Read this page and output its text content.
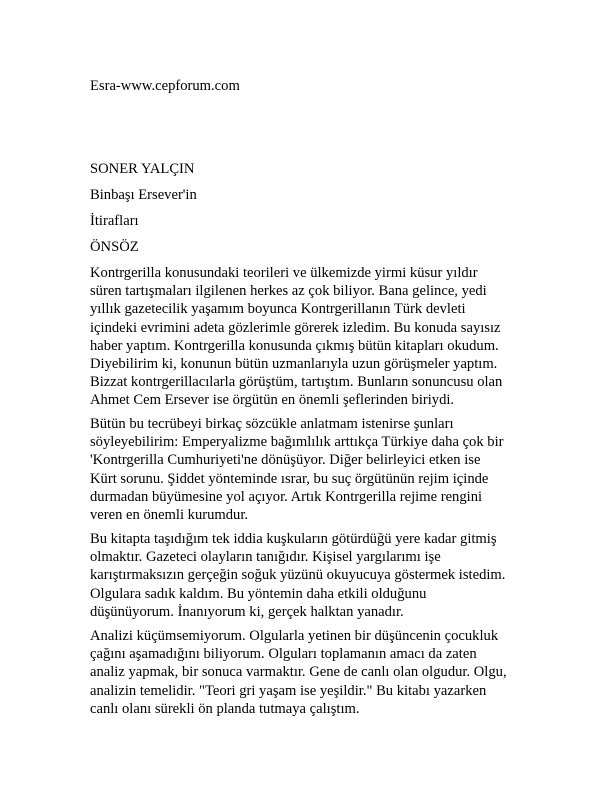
Esra-www.cepforum.com

SONER YALÇIN

Binbaşı Ersever'in

İtirafları

ÖNSÖZ

Kontrgerilla konusundaki teorileri ve ülkemizde yirmi küsur yıldır
süren tartışmaları ilgilenen herkes az çok biliyor. Bana gelince, yedi
yıllık gazetecilik yaşamım boyunca Kontrgerillanın Türk devleti
içindeki evrimini adeta gözlerimle görerek izledim. Bu konuda sayısız
haber yaptım. Kontrgerilla konusunda çıkmış bütün kitapları okudum.
Diyebilirim ki, konunun bütün uzmanlarıyla uzun görüşmeler yaptım.
Bizzat kontrgerillacılarla görüştüm, tartıştım. Bunların sonuncusu olan
Ahmet Cem Ersever ise örgütün en önemli şeflerinden biriydi.
Bütün bu tecrübeyi birkaç sözcükle anlatmam istenirse şunları
söyleyebilirim: Emperyalizme bağımlılık arttıkça Türkiye daha çok bir
'Kontrgerilla Cumhuriyeti'ne dönüşüyor. Diğer belirleyici etken ise
Kürt sorunu. Şiddet yönteminde ısrar, bu suç örgütünün rejim içinde
durmadan büyümesine yol açıyor. Artık Kontrgerilla rejime rengini
veren en önemli kurumdur.
Bu kitapta taşıdığım tek iddia kuşkuların götürdüğü yere kadar gitmiş
olmaktır. Gazeteci olayların tanığıdır. Kişisel yargılarımı işe
karıştırmaksızın gerçeğin soğuk yüzünü okuyucuya göstermek istedim.
Olgulara sadık kaldım. Bu yöntemin daha etkili olduğunu
düşünüyorum. İnanıyorum ki, gerçek halktan yanadır.
Analizi küçümsemiyorum. Olgularla yetinen bir düşüncenin çocukluk
çağını aşamadığını biliyorum. Olguları toplamanın amacı da zaten
analiz yapmak, bir sonuca varmaktır. Gene de canlı olan olgudur. Olgu,
analizin temelidir. "Teori gri yaşam ise yeşildir." Bu kitabı yazarken
canlı olanı sürekli ön planda tutmaya çalıştım.
